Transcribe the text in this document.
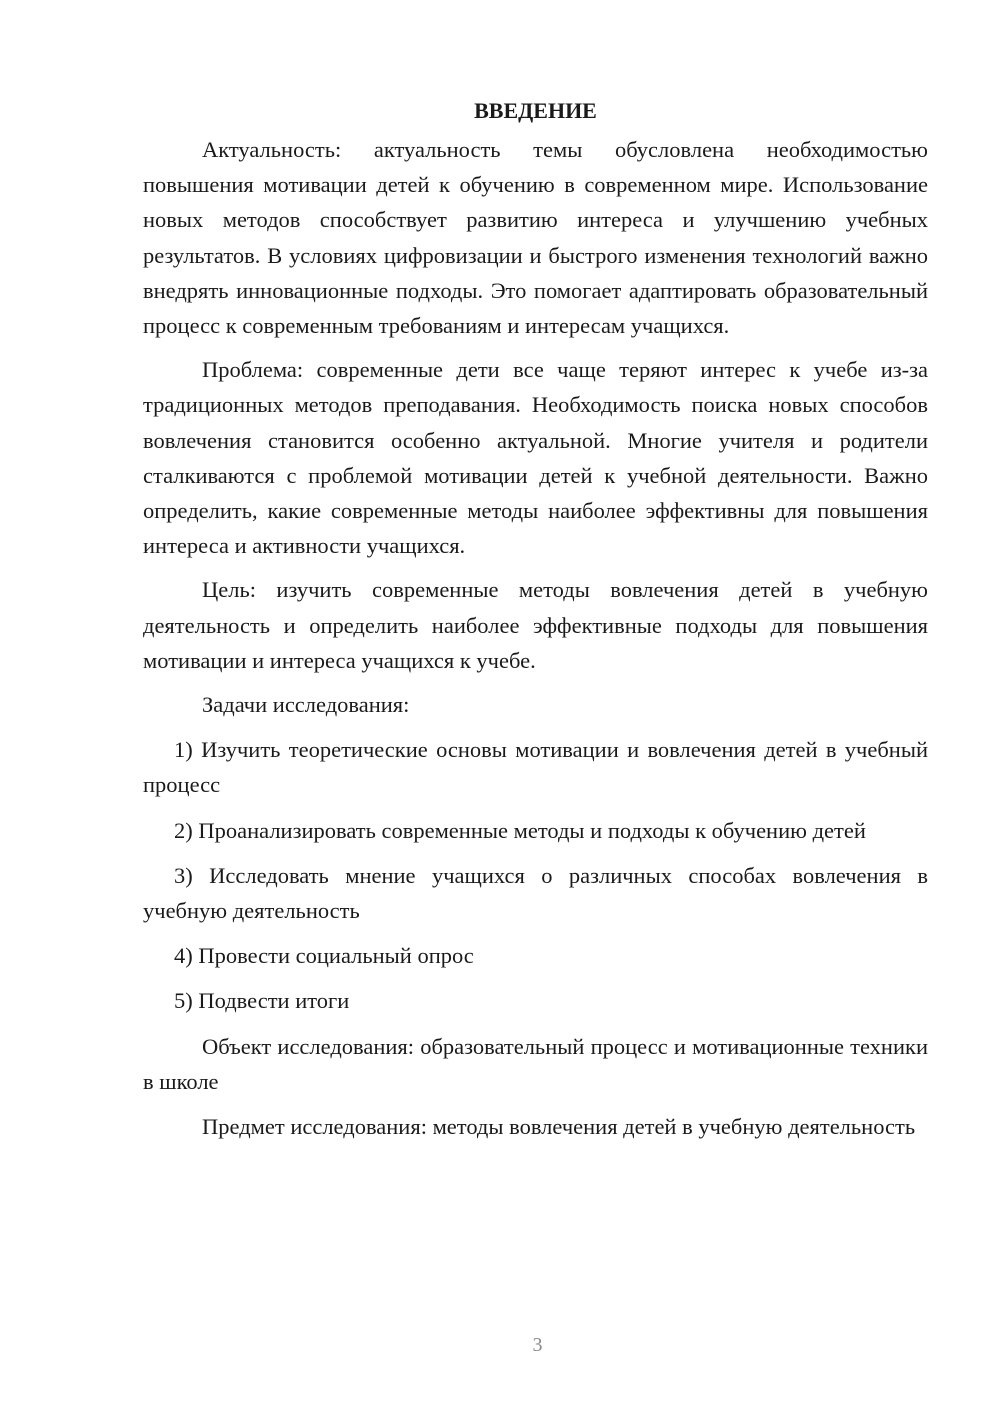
ВВЕДЕНИЕ

Актуальность: актуальность темы обусловлена необходимостью повышения мотивации детей к обучению в современном мире. Использование новых методов способствует развитию интереса и улучшению учебных результатов. В условиях цифровизации и быстрого изменения технологий важно внедрять инновационные подходы. Это помогает адаптировать образовательный процесс к современным требованиям и интересам учащихся.

Проблема: современные дети все чаще теряют интерес к учебе из-за традиционных методов преподавания. Необходимость поиска новых способов вовлечения становится особенно актуальной. Многие учителя и родители сталкиваются с проблемой мотивации детей к учебной деятельности. Важно определить, какие современные методы наиболее эффективны для повышения интереса и активности учащихся.

Цель: изучить современные методы вовлечения детей в учебную деятельность и определить наиболее эффективные подходы для повышения мотивации и интереса учащихся к учебе.

Задачи исследования:

1) Изучить теоретические основы мотивации и вовлечения детей в учебный процесс

2) Проанализировать современные методы и подходы к обучению детей

3) Исследовать мнение учащихся о различных способах вовлечения в учебную деятельность

4) Провести социальный опрос

5) Подвести итоги

Объект исследования: образовательный процесс и мотивационные техники в школе

Предмет исследования: методы вовлечения детей в учебную деятельность

3
